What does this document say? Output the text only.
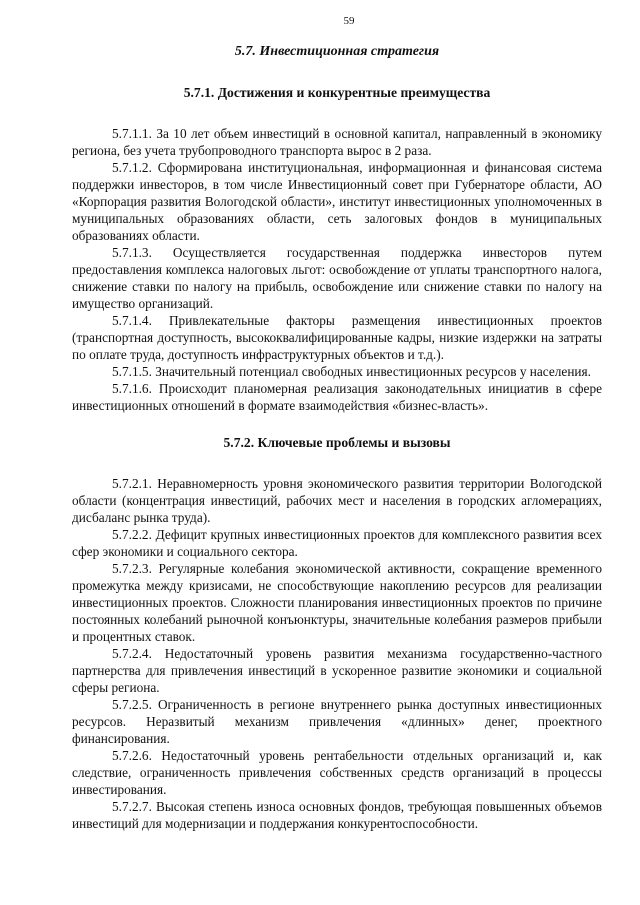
59
5.7. Инвестиционная стратегия
5.7.1. Достижения и конкурентные преимущества

5.7.1.1. За 10 лет объем инвестиций в основной капитал, направленный в экономику региона, без учета трубопроводного транспорта вырос в 2 раза.

5.7.1.2. Сформирована институциональная, информационная и финансовая система поддержки инвесторов, в том числе Инвестиционный совет при Губернаторе области, АО «Корпорация развития Вологодской области», институт инвестиционных уполномоченных в муниципальных образованиях области, сеть залоговых фондов в муниципальных образованиях области.

5.7.1.3. Осуществляется государственная поддержка инвесторов путем предоставления комплекса налоговых льгот: освобождение от уплаты транспортного налога, снижение ставки по налогу на прибыль, освобождение или снижение ставки по налогу на имущество организаций.

5.7.1.4. Привлекательные факторы размещения инвестиционных проектов (транспортная доступность, высококвалифицированные кадры, низкие издержки на затраты по оплате труда, доступность инфраструктурных объектов и т.д.).

5.7.1.5. Значительный потенциал свободных инвестиционных ресурсов у населения.

5.7.1.6. Происходит планомерная реализация законодательных инициатив в сфере инвестиционных отношений в формате взаимодействия «бизнес-власть».

5.7.2. Ключевые проблемы и вызовы

5.7.2.1. Неравномерность уровня экономического развития территории Вологодской области (концентрация инвестиций, рабочих мест и населения в городских агломерациях, дисбаланс рынка труда).

5.7.2.2. Дефицит крупных инвестиционных проектов для комплексного развития всех сфер экономики и социального сектора.

5.7.2.3. Регулярные колебания экономической активности, сокращение временного промежутка между кризисами, не способствующие накоплению ресурсов для реализации инвестиционных проектов. Сложности планирования инвестиционных проектов по причине постоянных колебаний рыночной конъюнктуры, значительные колебания размеров прибыли и процентных ставок.

5.7.2.4. Недостаточный уровень развития механизма государственно-частного партнерства для привлечения инвестиций в ускоренное развитие экономики и социальной сферы региона.

5.7.2.5. Ограниченность в регионе внутреннего рынка доступных инвестиционных ресурсов. Неразвитый механизм привлечения «длинных» денег, проектного финансирования.

5.7.2.6. Недостаточный уровень рентабельности отдельных организаций и, как следствие, ограниченность привлечения собственных средств организаций в процессы инвестирования.

5.7.2.7. Высокая степень износа основных фондов, требующая повышенных объемов инвестиций для модернизации и поддержания конкурентоспособности.
